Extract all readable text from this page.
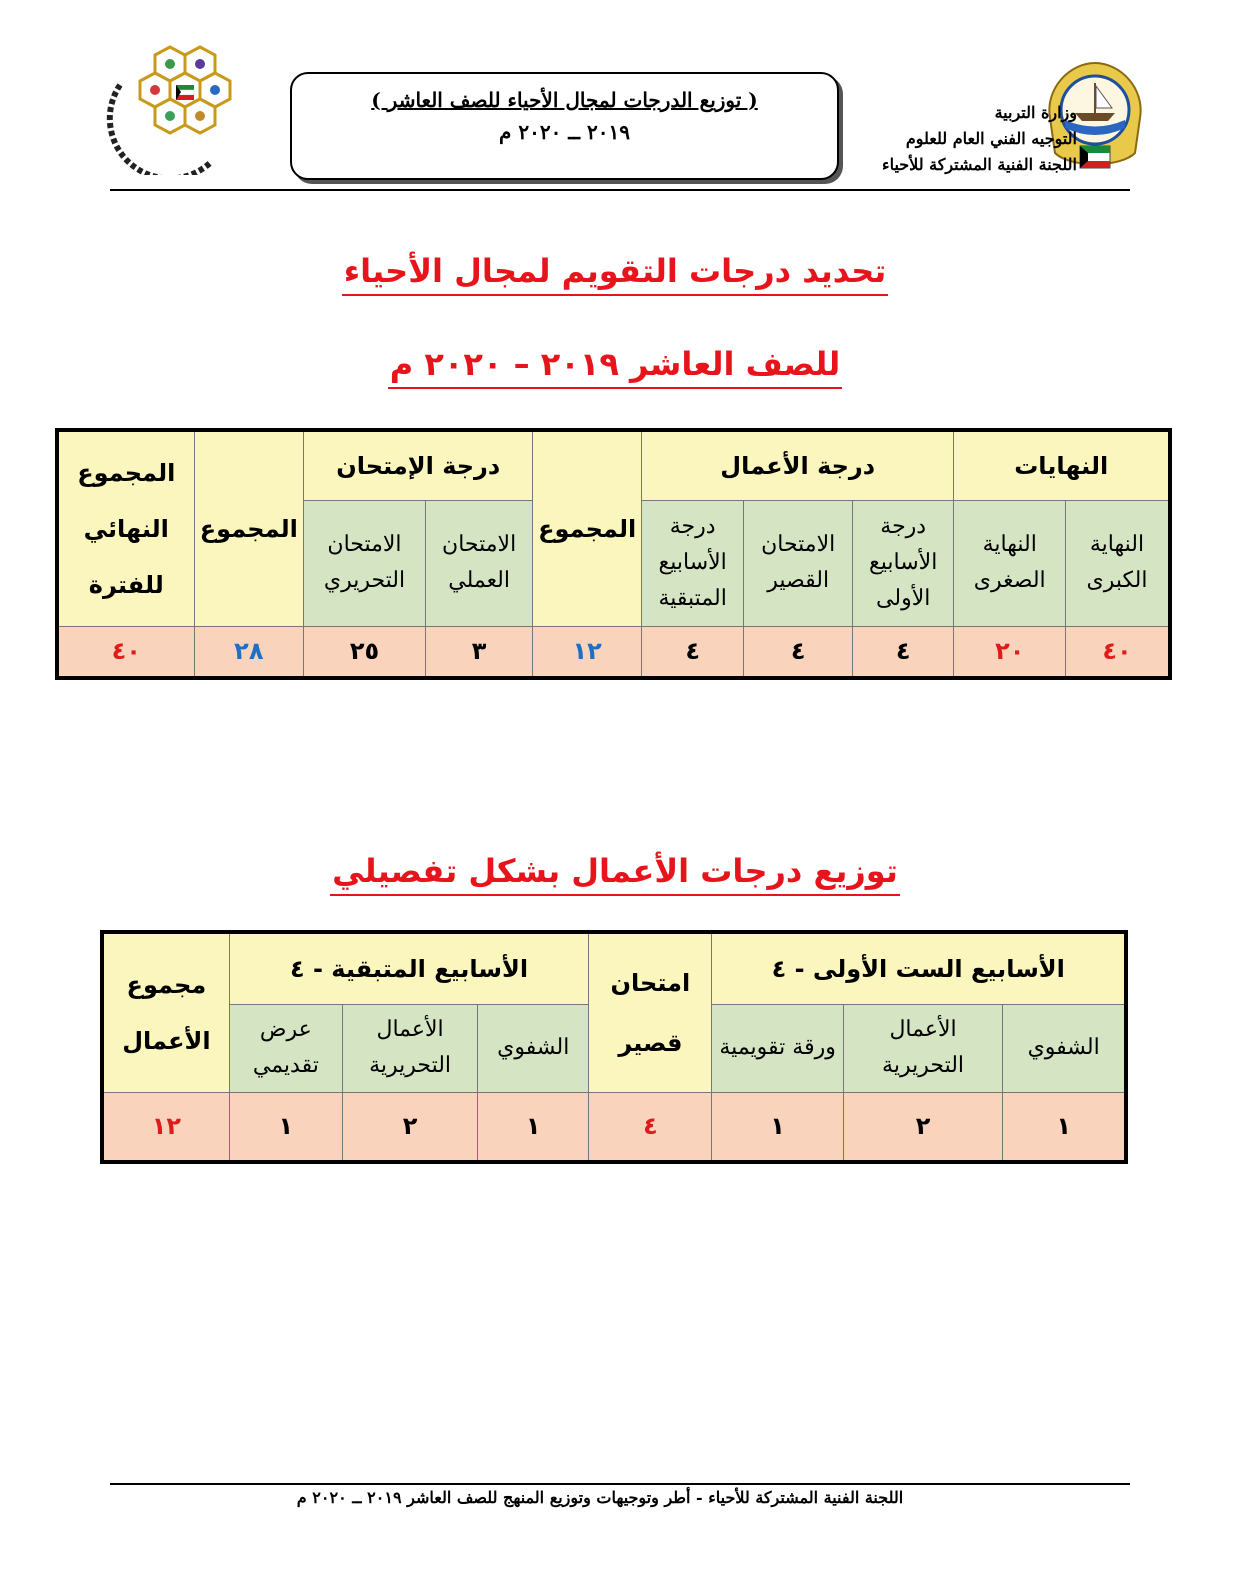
وزارة التربية
التوجيه الفني العام للعلوم
اللجنة الفنية المشتركة للأحياء
( توزيع الدرجات لمجال الأحياء للصف العاشر )
٢٠١٩ ــ ٢٠٢٠ م
تحديد درجات التقويم لمجال الأحياء
للصف العاشر ٢٠١٩ – ٢٠٢٠ م
النهايات		درجة الأعمال			المجموع	درجة الإمتحان		المجموع	المجموع النهائي للفترة
النهاية الكبرى	النهاية الصغرى	درجة الأسابيع الأولى	الامتحان القصير	درجة الأسابيع المتبقية		الامتحان العملي	الامتحان التحريري		
٤٠	٢٠	٤	٤	٤	١٢	٣	٢٥	٢٨	٤٠
توزيع درجات الأعمال بشكل تفصيلي
الأسابيع الست الأولى - ٤			امتحان قصير	الأسابيع المتبقية - ٤			مجموع الأعمال
الشفوي	الأعمال التحريرية	ورقة تقويمية		الشفوي	الأعمال التحريرية	عرض تقديمي	
١	٢	١	٤	١	٢	١	١٢
اللجنة الفنية المشتركة للأحياء - أطر وتوجيهات وتوزيع المنهج للصف العاشر ٢٠١٩ ــ ٢٠٢٠ م
